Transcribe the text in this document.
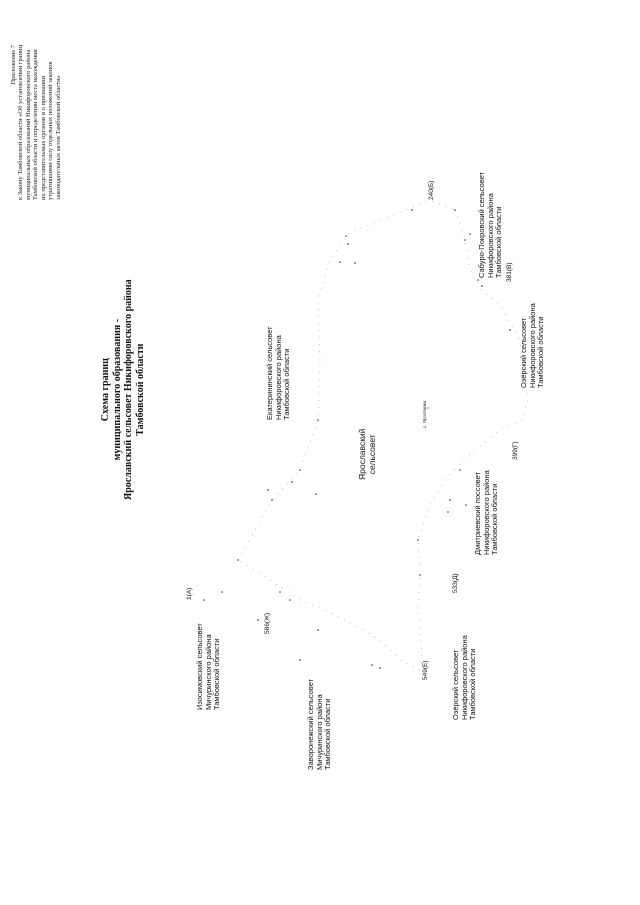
Приложение 7 к Закону Тамбовской области «Об установлении границ муниципальных образований Никифоровского района Тамбовской области и определении места нахождения их представительных органов и о признании утратившими силу отдельных положений законов законодательных актов Тамбовской области»
Схема границ муниципального образования - Ярославский сельсовет Никифоровского района Тамбовской области	Екатерининский сельсовет Никифоровского района Тамбовской области
Ярославский сельсовет
Сабуро-Покровский сельсовет Никифоровского района Тамбовской области
Озёрский сельсовет Никифоровского района Тамбовской области
Дмитриевский поссовет Никифоровского района Тамбовской области
Озёрский сельсовет Никифоровского района Тамбовской области
Изосимовский сельсовет Мичуринского района Тамбовской области
Заворонежский сельсовет Мичуринского района Тамбовской области
с. Ярославка
1(А)
240(Б)
381(В)
399(Г)
533(Д)
549(Е)
586(Ж)
